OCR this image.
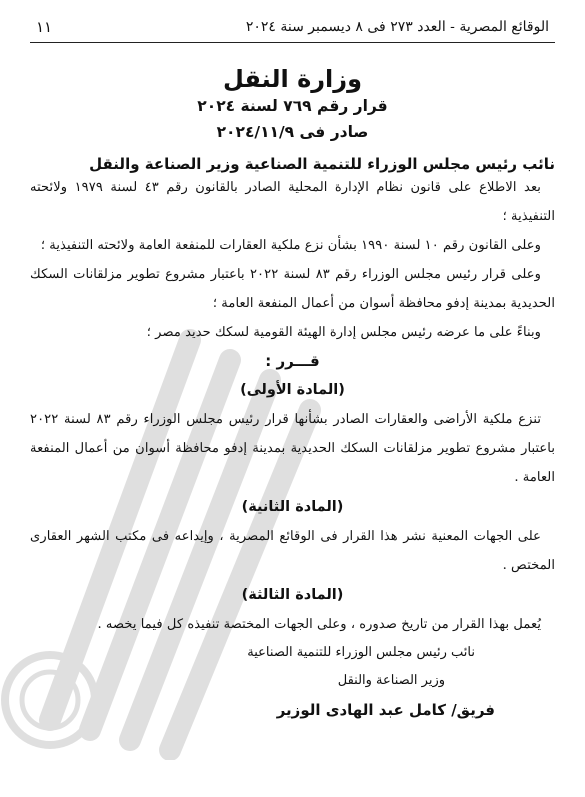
الوقائع المصرية - العدد ٢٧٣ فى ٨ ديسمبر سنة ٢٠٢٤
١١
وزارة النقل
قرار رقم ٧٦٩ لسنة ٢٠٢٤
صادر فى ٢٠٢٤/١١/٩
نائب رئيس مجلس الوزراء للتنمية الصناعية وزير الصناعة والنقل

بعد الاطلاع على قانون نظام الإدارة المحلية الصادر بالقانون رقم ٤٣ لسنة ١٩٧٩ ولائحته التنفيذية ؛

وعلى القانون رقم ١٠ لسنة ١٩٩٠ بشأن نزع ملكية العقارات للمنفعة العامة ولائحته التنفيذية ؛

وعلى قرار رئيس مجلس الوزراء رقم ٨٣ لسنة ٢٠٢٢ باعتبار مشروع تطوير مزلقانات السكك الحديدية بمدينة إدفو محافظة أسوان من أعمال المنفعة العامة ؛

وبناءً على ما عرضه رئيس مجلس إدارة الهيئة القومية لسكك حديد مصر ؛

قـــرر :
(المادة الأولى)

تنزع ملكية الأراضى والعقارات الصادر بشأنها قرار رئيس مجلس الوزراء رقم ٨٣ لسنة ٢٠٢٢ باعتبار مشروع تطوير مزلقانات السكك الحديدية بمدينة إدفو محافظة أسوان من أعمال المنفعة العامة .

(المادة الثانية)

على الجهات المعنية نشر هذا القرار فى الوقائع المصرية ، وإيداعه فى مكتب الشهر العقارى المختص .

(المادة الثالثة)

يُعمل بهذا القرار من تاريخ صدوره ، وعلى الجهات المختصة تنفيذه كل فيما يخصه .

نائب رئيس مجلس الوزراء للتنمية الصناعية
وزير الصناعة والنقل
فريق/ كامل عبد الهادى الوزير
